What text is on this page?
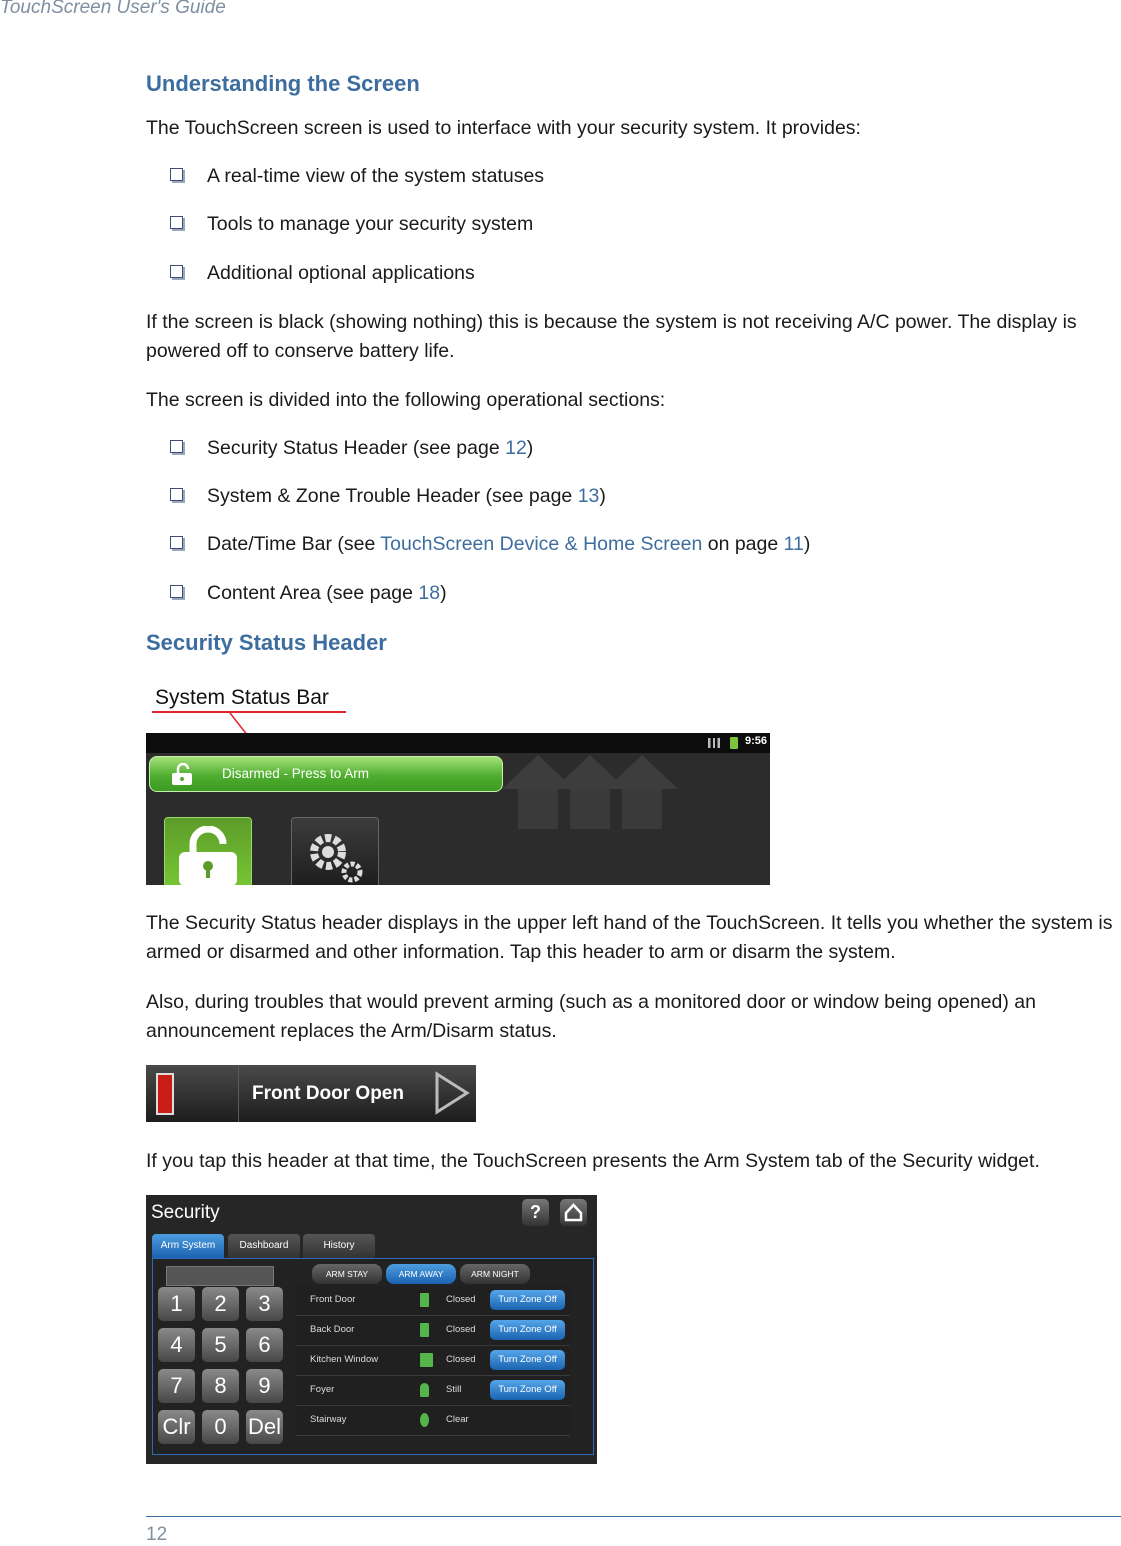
TouchScreen User's Guide
Understanding the Screen

The TouchScreen screen is used to interface with your security system. It provides:

A real-time view of the system statuses
Tools to manage your security system
Additional optional applications

If the screen is black (showing nothing) this is because the system is not receiving A/C power. The display is powered off to conserve battery life.

The screen is divided into the following operational sections:

Security Status Header (see page 12)
System & Zone Trouble Header (see page 13)
Date/Time Bar (see TouchScreen Device & Home Screen on page 11)
Content Area (see page 18)
Security Status Header
System Status Bar
9:56
Disarmed - Press to Arm

The Security Status header displays in the upper left hand of the TouchScreen. It tells you whether the system is armed or disarmed and other information. Tap this header to arm or disarm the system.

Also, during troubles that would prevent arming (such as a monitored door or window being opened) an announcement replaces the Arm/Disarm status.

Front Door Open

If you tap this header at that time, the TouchScreen presents the Arm System tab of the Security widget.

Security	?
Arm System	Dashboard	History
ARM STAY	ARM AWAY	ARM NIGHT
1	2	3
4	5	6
7	8	9
Clr	0 Del
Front Door	Closed	Turn Zone Off
Back Door	Closed	Turn Zone Off
Kitchen Window	Closed	Turn Zone Off
Foyer	Still	Turn Zone Off
Stairway	Clear
12
